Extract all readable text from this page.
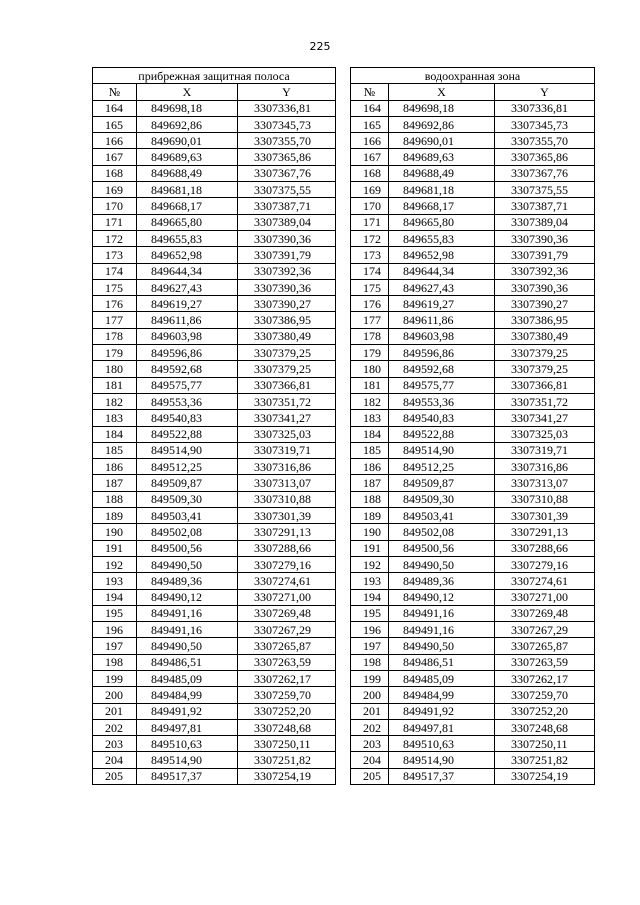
225
прибрежная защитная полоса				водоохранная зона		
№	X	Y		№	X	Y
164	849698,18	3307336,81		164	849698,18	3307336,81
165	849692,86	3307345,73		165	849692,86	3307345,73
166	849690,01	3307355,70		166	849690,01	3307355,70
167	849689,63	3307365,86		167	849689,63	3307365,86
168	849688,49	3307367,76		168	849688,49	3307367,76
169	849681,18	3307375,55		169	849681,18	3307375,55
170	849668,17	3307387,71		170	849668,17	3307387,71
171	849665,80	3307389,04		171	849665,80	3307389,04
172	849655,83	3307390,36		172	849655,83	3307390,36
173	849652,98	3307391,79		173	849652,98	3307391,79
174	849644,34	3307392,36		174	849644,34	3307392,36
175	849627,43	3307390,36		175	849627,43	3307390,36
176	849619,27	3307390,27		176	849619,27	3307390,27
177	849611,86	3307386,95		177	849611,86	3307386,95
178	849603,98	3307380,49		178	849603,98	3307380,49
179	849596,86	3307379,25		179	849596,86	3307379,25
180	849592,68	3307379,25		180	849592,68	3307379,25
181	849575,77	3307366,81		181	849575,77	3307366,81
182	849553,36	3307351,72		182	849553,36	3307351,72
183	849540,83	3307341,27		183	849540,83	3307341,27
184	849522,88	3307325,03		184	849522,88	3307325,03
185	849514,90	3307319,71		185	849514,90	3307319,71
186	849512,25	3307316,86		186	849512,25	3307316,86
187	849509,87	3307313,07		187	849509,87	3307313,07
188	849509,30	3307310,88		188	849509,30	3307310,88
189	849503,41	3307301,39		189	849503,41	3307301,39
190	849502,08	3307291,13		190	849502,08	3307291,13
191	849500,56	3307288,66		191	849500,56	3307288,66
192	849490,50	3307279,16		192	849490,50	3307279,16
193	849489,36	3307274,61		193	849489,36	3307274,61
194	849490,12	3307271,00		194	849490,12	3307271,00
195	849491,16	3307269,48		195	849491,16	3307269,48
196	849491,16	3307267,29		196	849491,16	3307267,29
197	849490,50	3307265,87		197	849490,50	3307265,87
198	849486,51	3307263,59		198	849486,51	3307263,59
199	849485,09	3307262,17		199	849485,09	3307262,17
200	849484,99	3307259,70		200	849484,99	3307259,70
201	849491,92	3307252,20		201	849491,92	3307252,20
202	849497,81	3307248,68		202	849497,81	3307248,68
203	849510,63	3307250,11		203	849510,63	3307250,11
204	849514,90	3307251,82		204	849514,90	3307251,82
205	849517,37	3307254,19		205	849517,37	3307254,19
